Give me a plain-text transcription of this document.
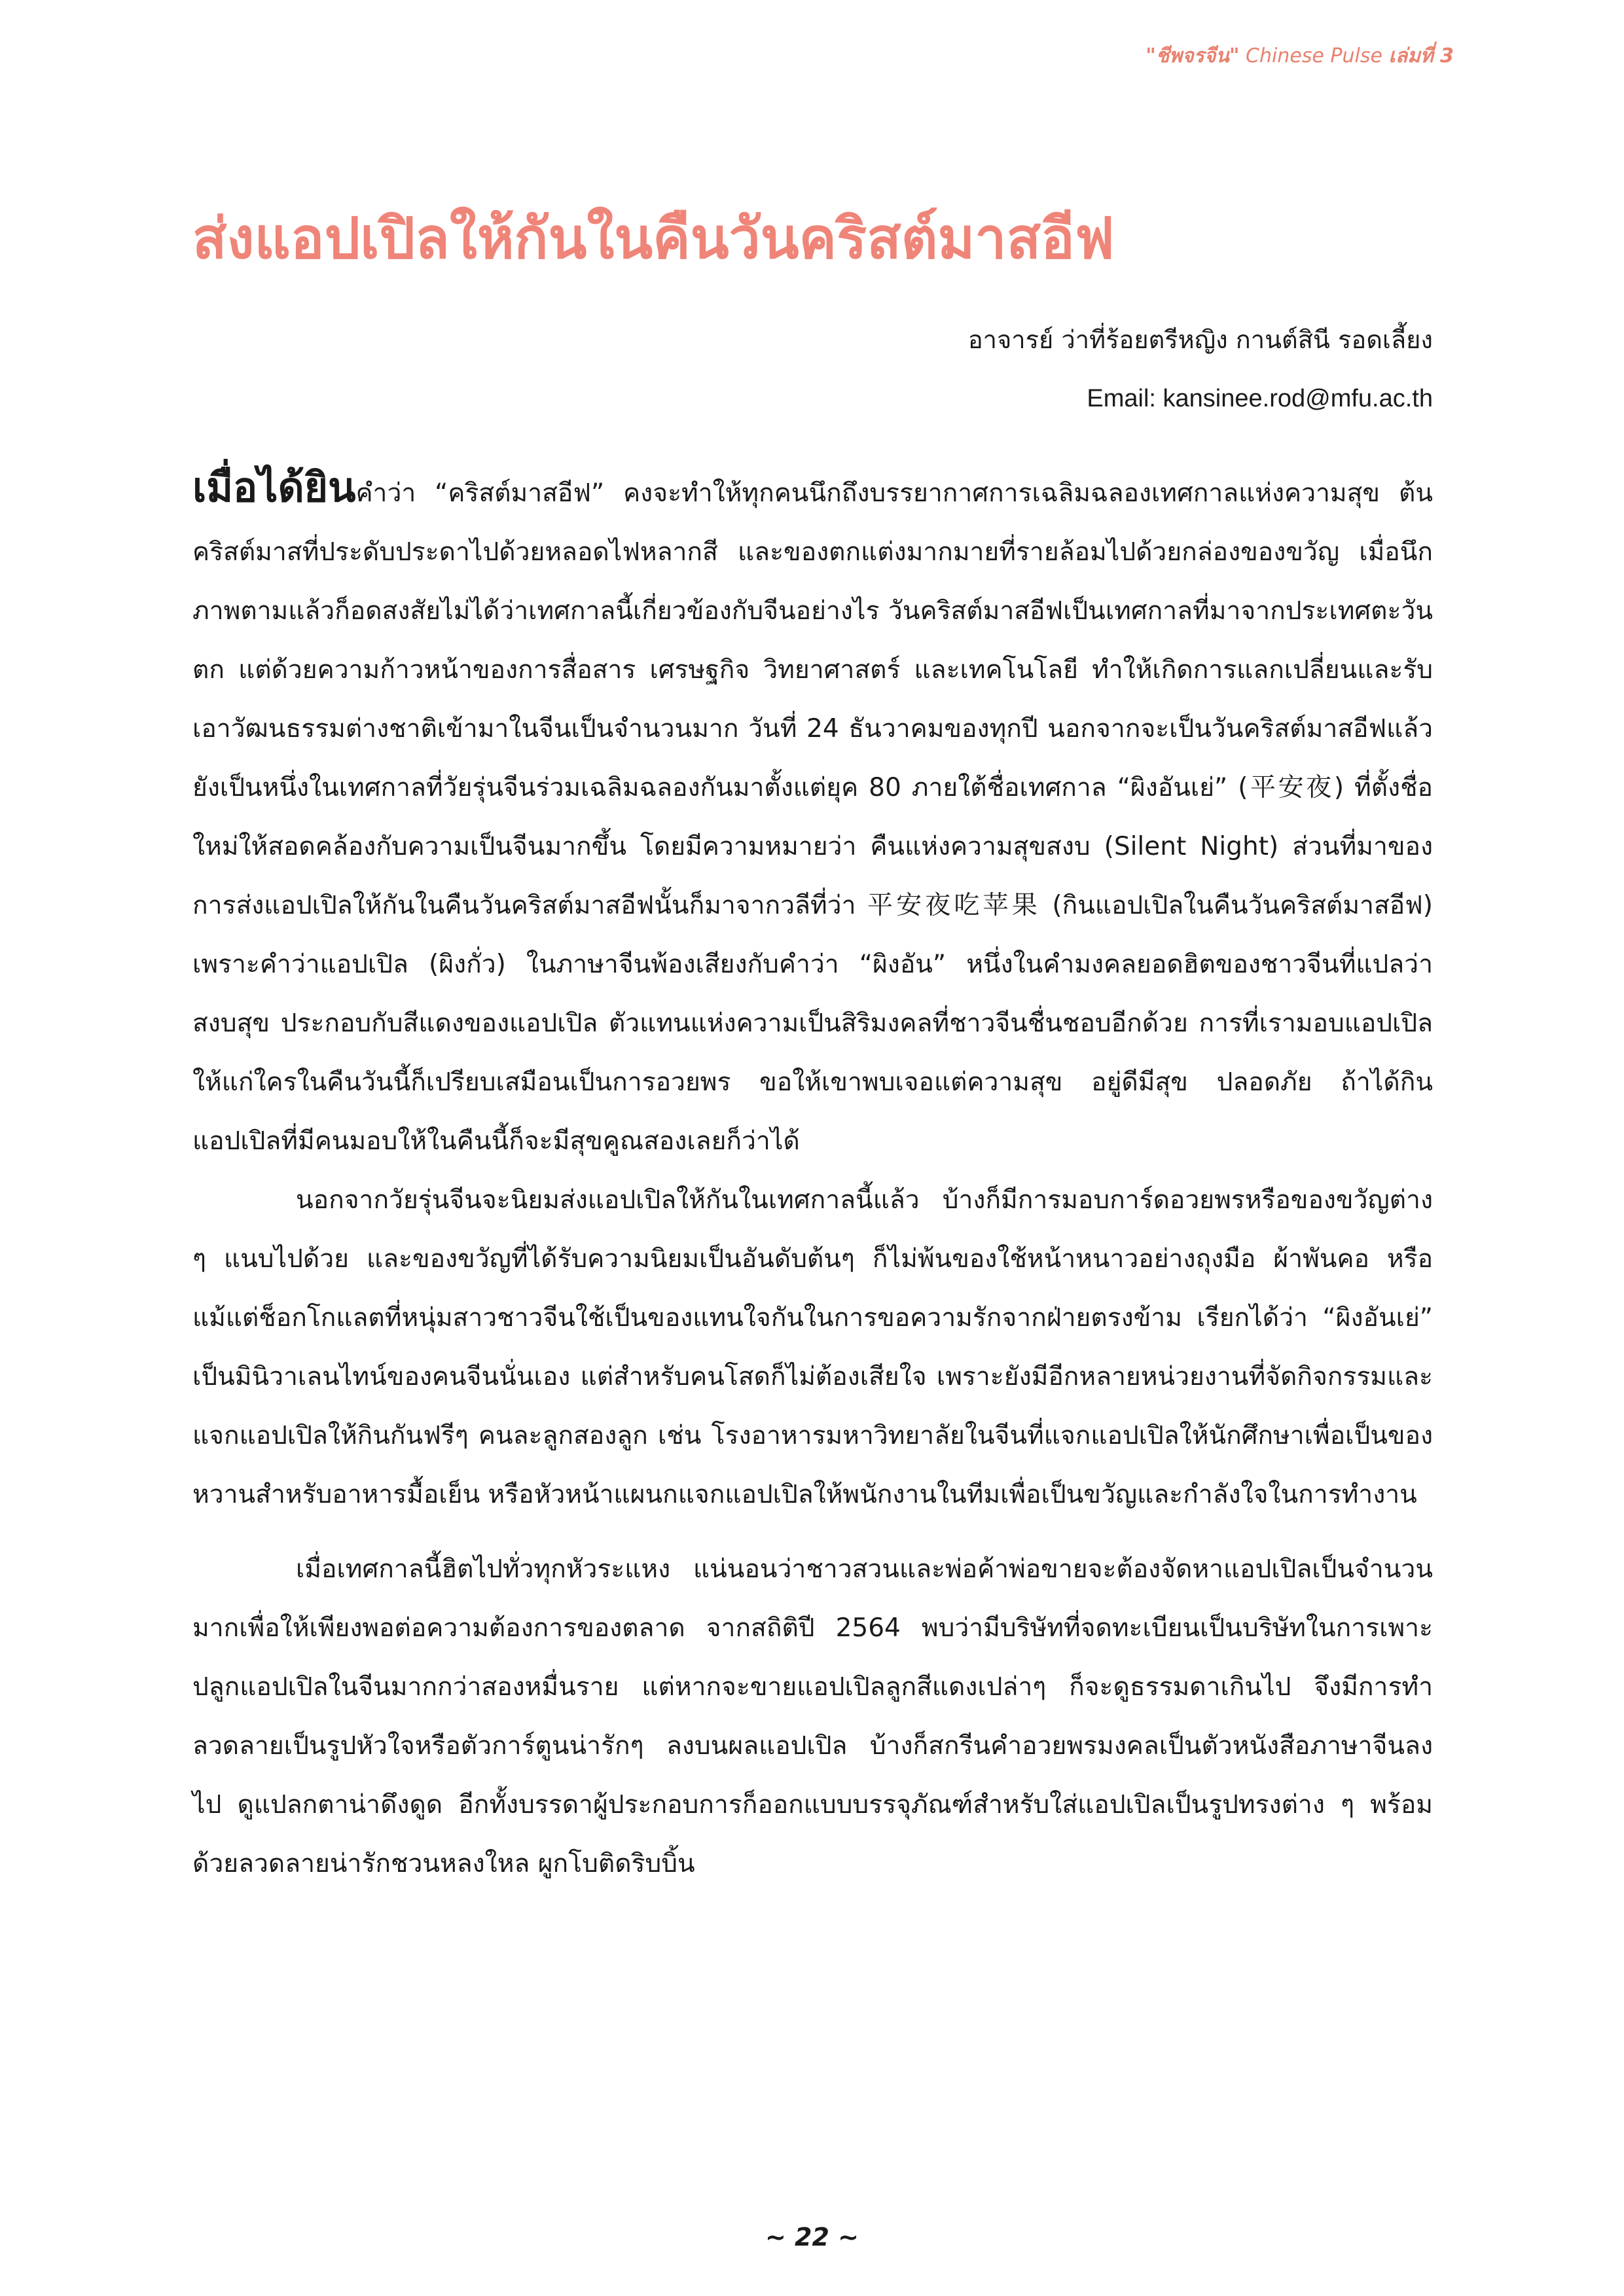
"ชีพจรจีน" Chinese Pulse เล่มที่ 3
ส่งแอปเปิลให้กันในคืนวันคริสต์มาสอีฟ
อาจารย์ ว่าที่ร้อยตรีหญิง กานต์สินี รอดเลี้ยง
Email: kansinee.rod@mfu.ac.th

เมื่อได้ยินคำว่า “คริสต์มาสอีฟ” คงจะทำให้ทุกคนนึกถึงบรรยากาศการเฉลิมฉลองเทศกาลแห่งความสุข ต้นคริสต์มาสที่ประดับประดาไปด้วยหลอดไฟหลากสี และของตกแต่งมากมายที่รายล้อมไปด้วยกล่องของขวัญ เมื่อนึกภาพตามแล้วก็อดสงสัยไม่ได้ว่าเทศกาลนี้เกี่ยวข้องกับจีนอย่างไร วันคริสต์มาสอีฟเป็นเทศกาลที่มาจากประเทศตะวันตก แต่ด้วยความก้าวหน้าของการสื่อสาร เศรษฐกิจ วิทยาศาสตร์ และเทคโนโลยี ทำให้เกิดการแลกเปลี่ยนและรับเอาวัฒนธรรมต่างชาติเข้ามาในจีนเป็นจำนวนมาก วันที่ 24 ธันวาคมของทุกปี นอกจากจะเป็นวันคริสต์มาสอีฟแล้ว ยังเป็นหนึ่งในเทศกาลที่วัยรุ่นจีนร่วมเฉลิมฉลองกันมาตั้งแต่ยุค 80 ภายใต้ชื่อเทศกาล “ผิงอันเย่” (平安夜) ที่ตั้งชื่อใหม่ให้สอดคล้องกับความเป็นจีนมากขึ้น โดยมีความหมายว่า คืนแห่งความสุขสงบ (Silent Night) ส่วนที่มาของการส่งแอปเปิลให้กันในคืนวันคริสต์มาสอีฟนั้นก็มาจากวลีที่ว่า 平安夜吃苹果 (กินแอปเปิลในคืนวันคริสต์มาสอีฟ) เพราะคำว่าแอปเปิล (ผิงกั่ว) ในภาษาจีนพ้องเสียงกับคำว่า “ผิงอัน” หนึ่งในคำมงคลยอดฮิตของชาวจีนที่แปลว่า สงบสุข ประกอบกับสีแดงของแอปเปิล ตัวแทนแห่งความเป็นสิริมงคลที่ชาวจีนชื่นชอบอีกด้วย การที่เรามอบแอปเปิลให้แก่ใครในคืนวันนี้ก็เปรียบเสมือนเป็นการอวยพร ขอให้เขาพบเจอแต่ความสุข อยู่ดีมีสุข ปลอดภัย ถ้าได้กินแอปเปิลที่มีคนมอบให้ในคืนนี้ก็จะมีสุขคูณสองเลยก็ว่าได้

นอกจากวัยรุ่นจีนจะนิยมส่งแอปเปิลให้กันในเทศกาลนี้แล้ว บ้างก็มีการมอบการ์ดอวยพรหรือของขวัญต่าง ๆ แนบไปด้วย และของขวัญที่ได้รับความนิยมเป็นอันดับต้นๆ ก็ไม่พ้นของใช้หน้าหนาวอย่างถุงมือ ผ้าพันคอ หรือแม้แต่ช็อกโกแลตที่หนุ่มสาวชาวจีนใช้เป็นของแทนใจกันในการขอความรักจากฝ่ายตรงข้าม เรียกได้ว่า “ผิงอันเย่” เป็นมินิวาเลนไทน์ของคนจีนนั่นเอง แต่สำหรับคนโสดก็ไม่ต้องเสียใจ เพราะยังมีอีกหลายหน่วยงานที่จัดกิจกรรมและแจกแอปเปิลให้กินกันฟรีๆ คนละลูกสองลูก เช่น โรงอาหารมหาวิทยาลัยในจีนที่แจกแอปเปิลให้นักศึกษาเพื่อเป็นของหวานสำหรับอาหารมื้อเย็น หรือหัวหน้าแผนกแจกแอปเปิลให้พนักงานในทีมเพื่อเป็นขวัญและกำลังใจในการทำงาน

เมื่อเทศกาลนี้ฮิตไปทั่วทุกหัวระแหง แน่นอนว่าชาวสวนและพ่อค้าพ่อขายจะต้องจัดหาแอปเปิลเป็นจำนวนมากเพื่อให้เพียงพอต่อความต้องการของตลาด จากสถิติปี 2564 พบว่ามีบริษัทที่จดทะเบียนเป็นบริษัทในการเพาะปลูกแอปเปิลในจีนมากกว่าสองหมื่นราย แต่หากจะขายแอปเปิลลูกสีแดงเปล่าๆ ก็จะดูธรรมดาเกินไป จึงมีการทำลวดลายเป็นรูปหัวใจหรือตัวการ์ตูนน่ารักๆ ลงบนผลแอปเปิล บ้างก็สกรีนคำอวยพรมงคลเป็นตัวหนังสือภาษาจีนลงไป ดูแปลกตาน่าดึงดูด อีกทั้งบรรดาผู้ประกอบการก็ออกแบบบรรจุภัณฑ์สำหรับใส่แอปเปิลเป็นรูปทรงต่าง ๆ พร้อมด้วยลวดลายน่ารักชวนหลงใหล ผูกโบติดริบบิ้น

~ 22 ~
